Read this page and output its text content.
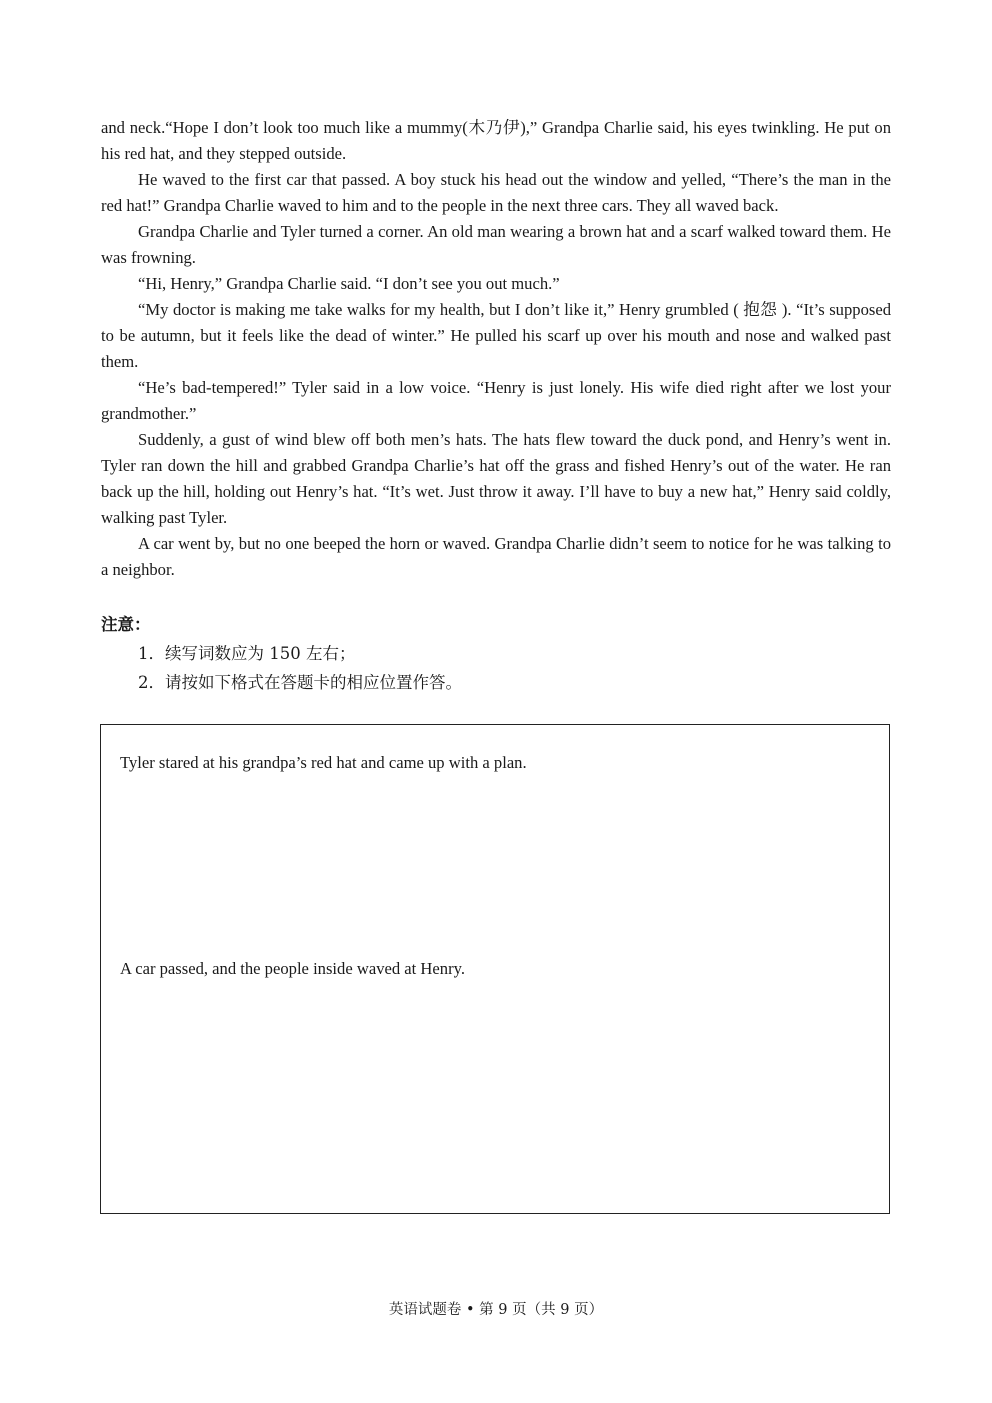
and neck.“Hope I don’t look too much like a mummy(木乃伊),” Grandpa Charlie said, his eyes twinkling. He put on his red hat, and they stepped outside.

He waved to the first car that passed. A boy stuck his head out the window and yelled, “There’s the man in the red hat!” Grandpa Charlie waved to him and to the people in the next three cars. They all waved back.

Grandpa Charlie and Tyler turned a corner. An old man wearing a brown hat and a scarf walked toward them. He was frowning.

“Hi, Henry,” Grandpa Charlie said. “I don’t see you out much.”

“My doctor is making me take walks for my health, but I don’t like it,” Henry grumbled ( 抱怨 ). “It’s supposed to be autumn, but it feels like the dead of winter.” He pulled his scarf up over his mouth and nose and walked past them.

“He’s bad-tempered!” Tyler said in a low voice. “Henry is just lonely. His wife died right after we lost your grandmother.”

Suddenly, a gust of wind blew off both men’s hats. The hats flew toward the duck pond, and Henry’s went in. Tyler ran down the hill and grabbed Grandpa Charlie’s hat off the grass and fished Henry’s out of the water. He ran back up the hill, holding out Henry’s hat. “It’s wet. Just throw it away. I’ll have to buy a new hat,” Henry said coldly, walking past Tyler.

A car went by, but no one beeped the horn or waved. Grandpa Charlie didn’t seem to notice for he was talking to a neighbor.

注意：
1．续写词数应为 150 左右；
2．请按如下格式在答题卡的相应位置作答。
Tyler stared at his grandpa’s red hat and came up with a plan.
A car passed, and the people inside waved at Henry.
英语试题卷 • 第 9 页（共 9 页）
